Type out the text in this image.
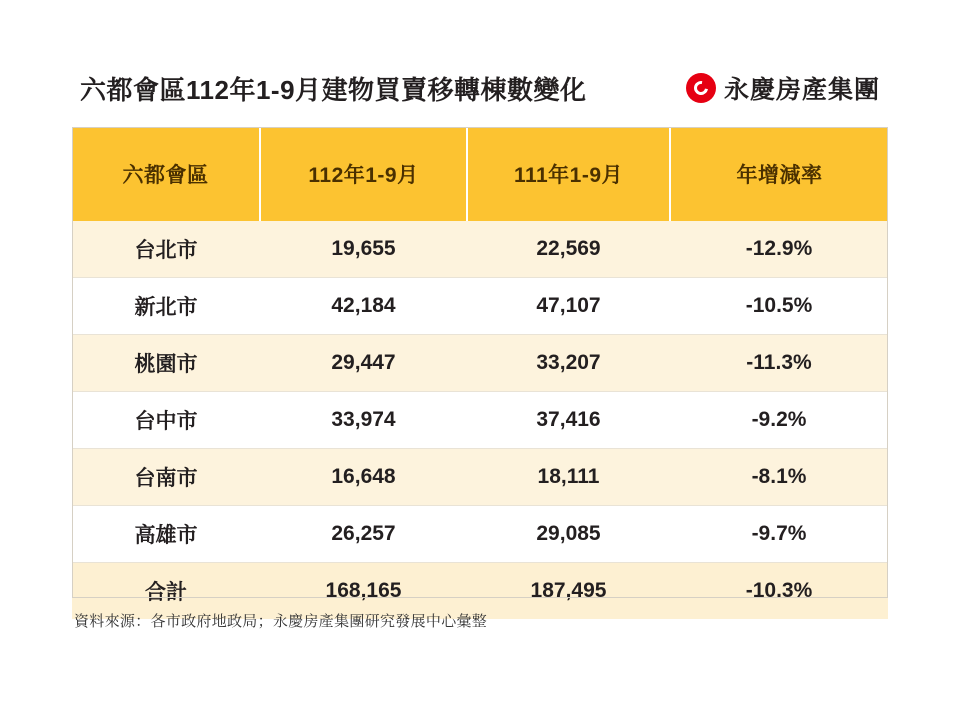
六都會區112年1-9月建物買賣移轉棟數變化	永慶房產集團
六都會區	112年1-9月	111年1-9月	年增減率
台北市	19,655	22,569	-12.9%
新北市	42,184	47,107	-10.5%
桃園市	29,447	33,207	-11.3%
台中市	33,974	37,416	-9.2%
台南市	16,648	18,111	-8.1%
高雄市	26,257	29,085	-9.7%
合計	168,165	187,495	-10.3%
資料來源：各市政府地政局；永慶房產集團研究發展中心彙整
